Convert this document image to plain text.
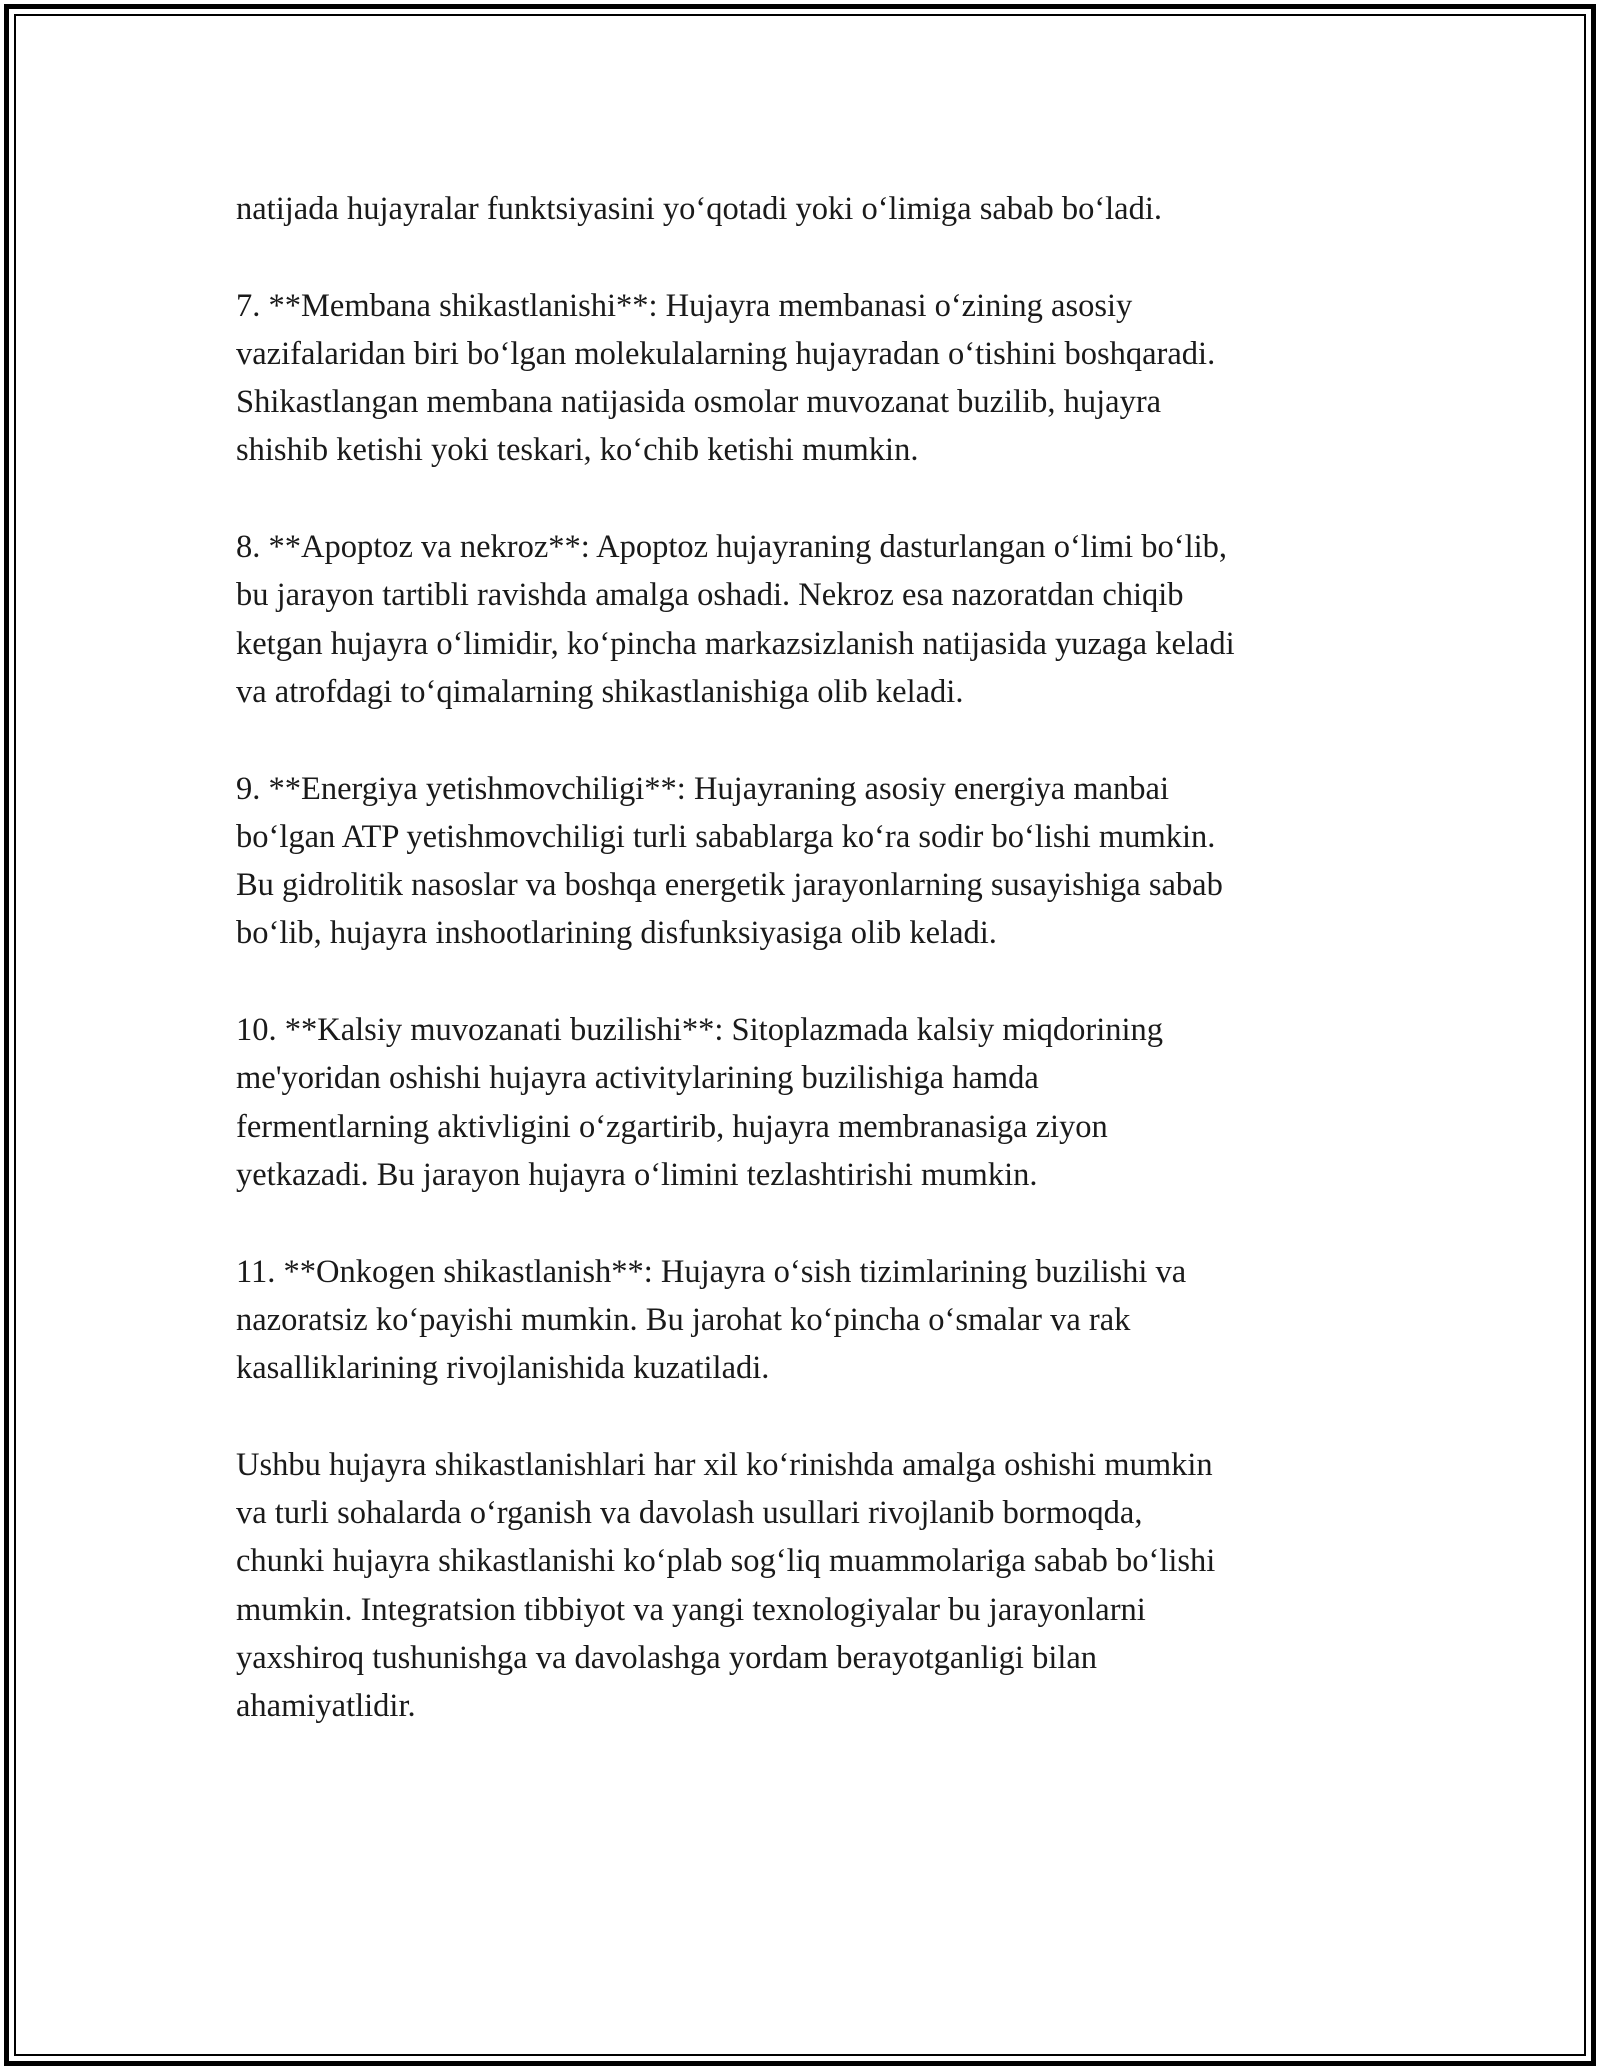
natijada hujayralar funktsiyasini yo‘qotadi yoki o‘limiga sabab bo‘ladi.

7. **Membana shikastlanishi**: Hujayra membanasi o‘zining asosiy
vazifalaridan biri bo‘lgan molekulalarning hujayradan o‘tishini boshqaradi.
Shikastlangan membana natijasida osmolar muvozanat buzilib, hujayra
shishib ketishi yoki teskari, ko‘chib ketishi mumkin.

8. **Apoptoz va nekroz**: Apoptoz hujayraning dasturlangan o‘limi bo‘lib,
bu jarayon tartibli ravishda amalga oshadi. Nekroz esa nazoratdan chiqib
ketgan hujayra o‘limidir, ko‘pincha markazsizlanish natijasida yuzaga keladi
va atrofdagi to‘qimalarning shikastlanishiga olib keladi.

9. **Energiya yetishmovchiligi**: Hujayraning asosiy energiya manbai
bo‘lgan ATP yetishmovchiligi turli sabablarga ko‘ra sodir bo‘lishi mumkin.
Bu gidrolitik nasoslar va boshqa energetik jarayonlarning susayishiga sabab
bo‘lib, hujayra inshootlarining disfunksiyasiga olib keladi.

10. **Kalsiy muvozanati buzilishi**: Sitoplazmada kalsiy miqdorining
me'yoridan oshishi hujayra activitylarining buzilishiga hamda
fermentlarning aktivligini o‘zgartirib, hujayra membranasiga ziyon
yetkazadi. Bu jarayon hujayra o‘limini tezlashtirishi mumkin.

11. **Onkogen shikastlanish**: Hujayra o‘sish tizimlarining buzilishi va
nazoratsiz ko‘payishi mumkin. Bu jarohat ko‘pincha o‘smalar va rak
kasalliklarining rivojlanishida kuzatiladi.

Ushbu hujayra shikastlanishlari har xil ko‘rinishda amalga oshishi mumkin
va turli sohalarda o‘rganish va davolash usullari rivojlanib bormoqda,
chunki hujayra shikastlanishi ko‘plab sog‘liq muammolariga sabab bo‘lishi
mumkin. Integratsion tibbiyot va yangi texnologiyalar bu jarayonlarni
yaxshiroq tushunishga va davolashga yordam berayotganligi bilan
ahamiyatlidir.
